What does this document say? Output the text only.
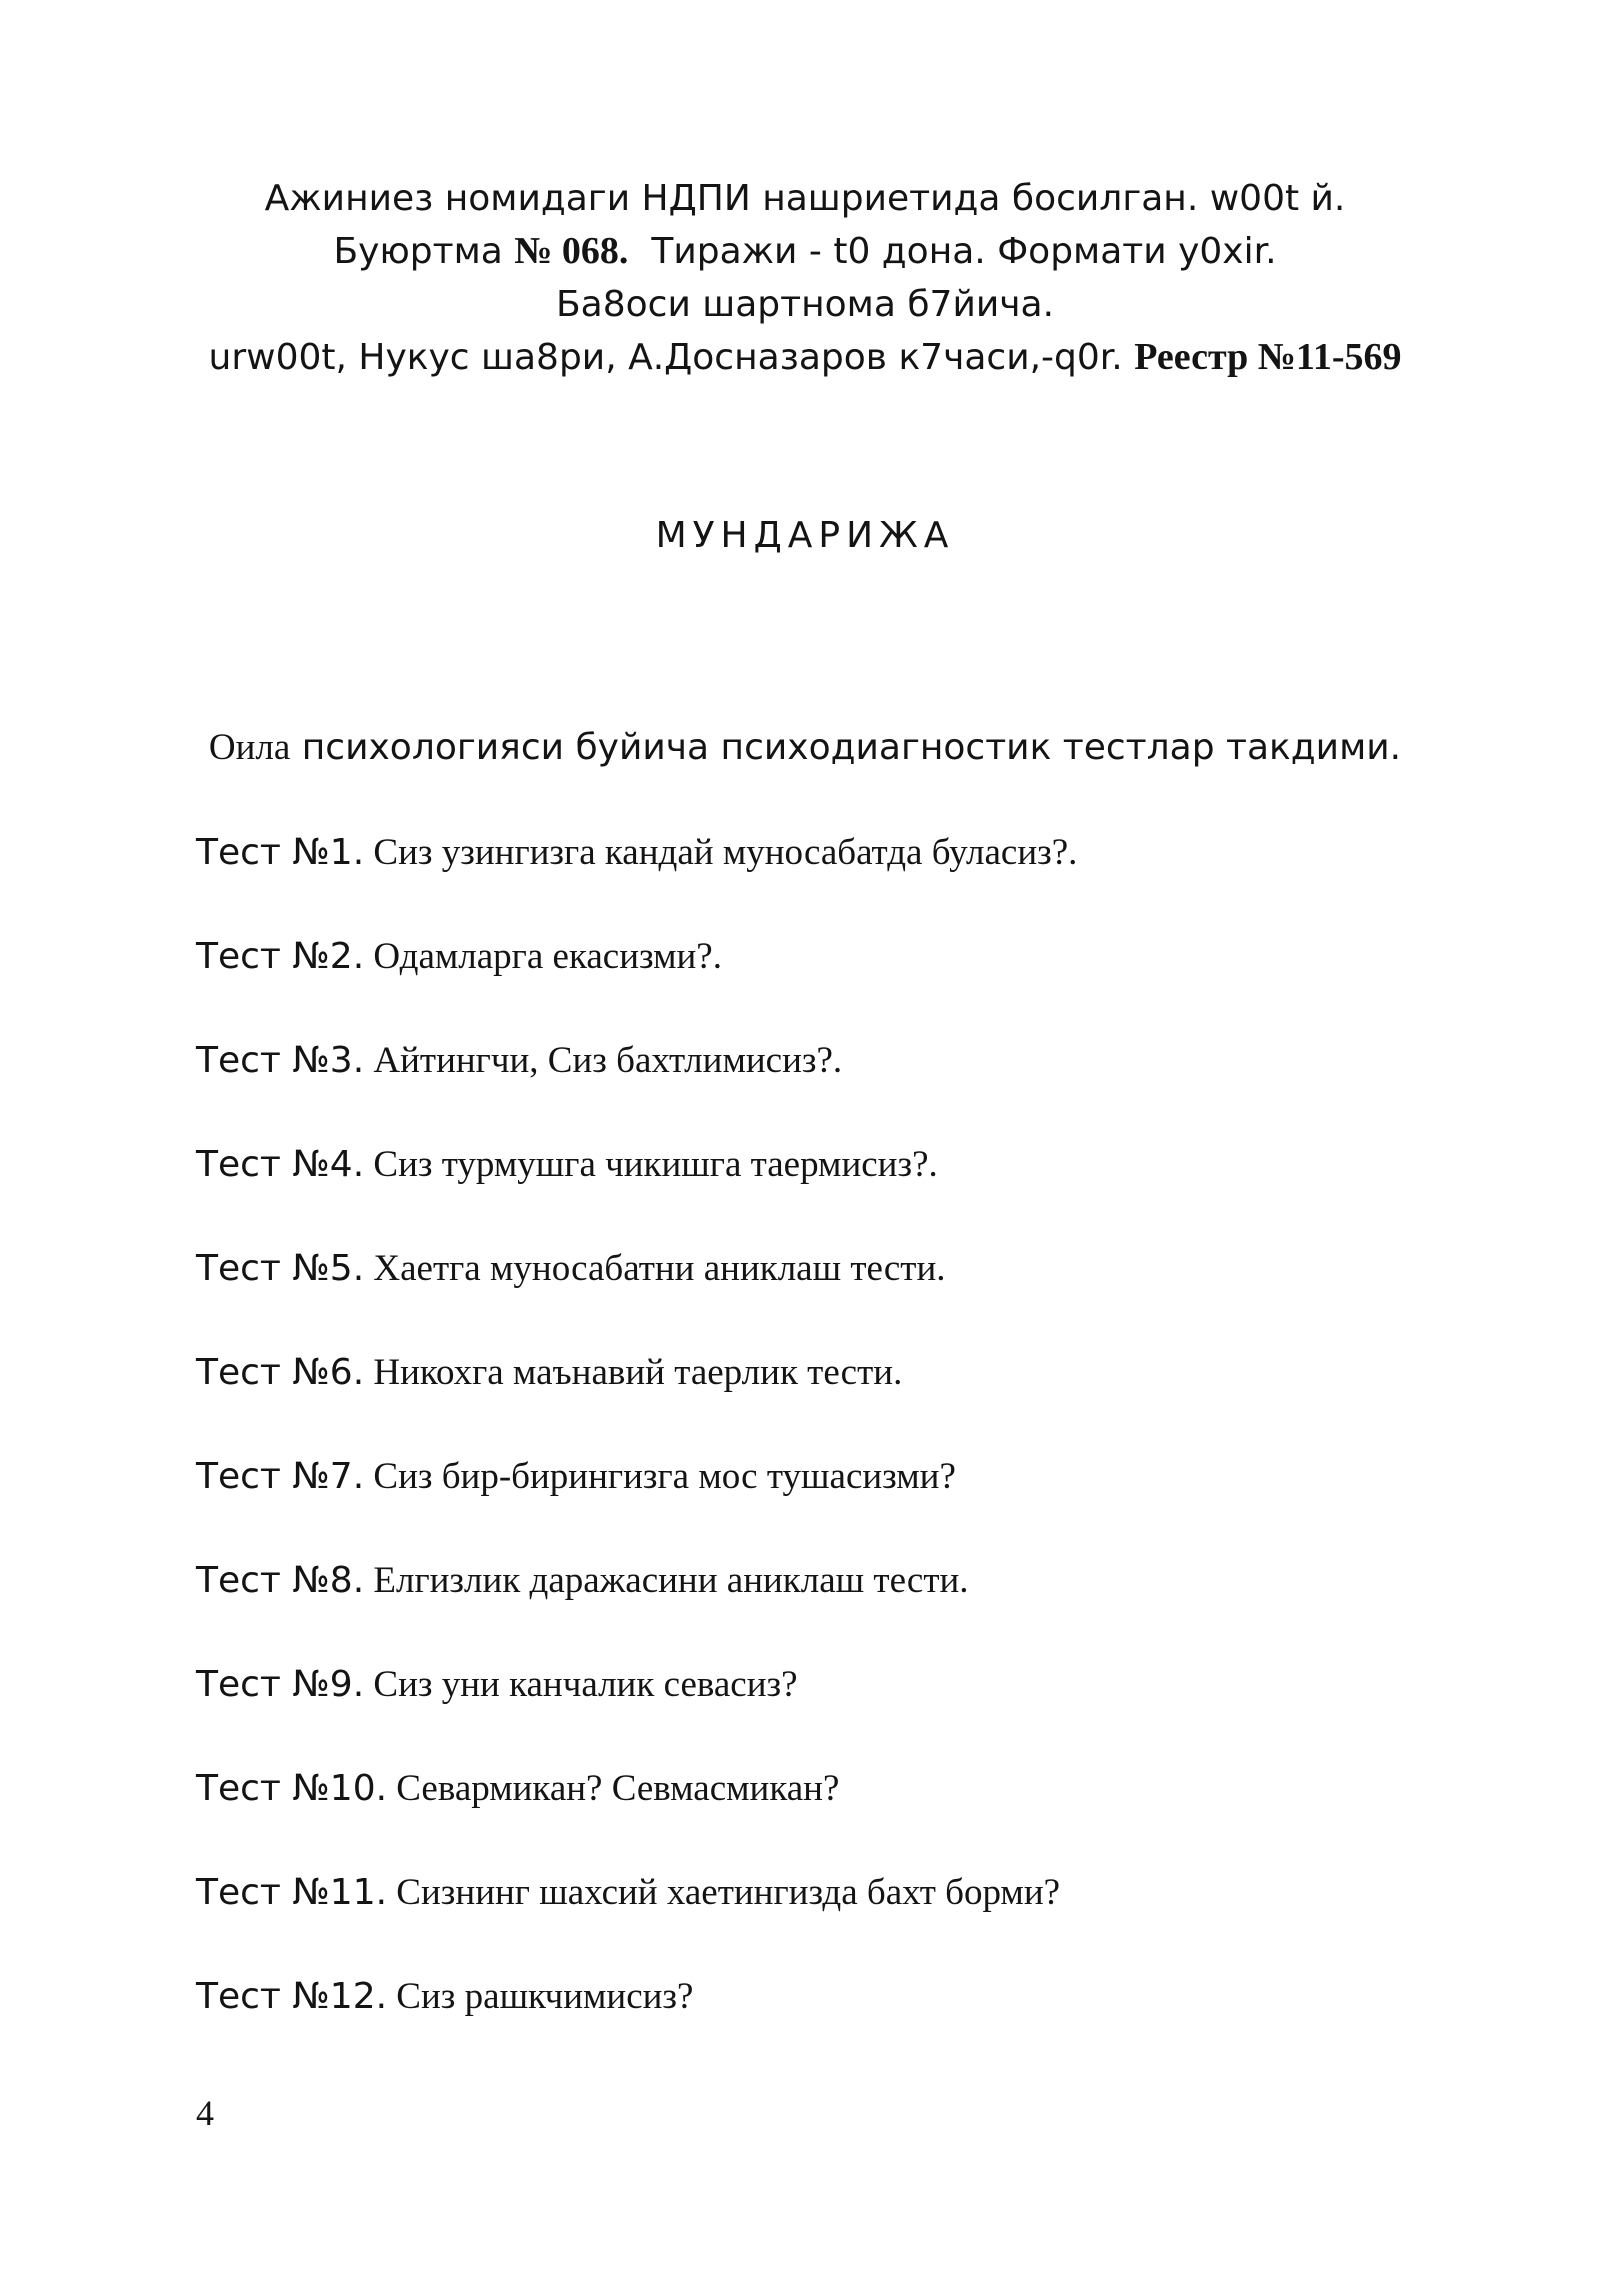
Ажиниез номидаги НДПИ нашриетида босилган. w00t й.
Буюртма № 068.  Тиражи - t0 дона. Формати y0xir.
Ба8оси шартнома б7йича.
urw00t, Нукус ша8ри, А.Досназаров к7часи,-q0r. Реестр №11-569
МУНДАРИЖА
Оила психологияси буйича психодиагностик тестлар такдими.
Тест №1. Сиз узингизга кандай муносабатда буласиз?.
Тест №2. Одамларга екасизми?.
Тест №3. Айтингчи, Сиз бахтлимисиз?.
Тест №4. Сиз турмушга чикишга таермисиз?.
Тест №5. Хаетга муносабатни аниклаш тести.
Тест №6. Никохга маънавий таерлик тести.
Тест №7. Сиз бир-бирингизга мос тушасизми?
Тест №8. Елгизлик даражасини аниклаш тести.
Тест №9. Сиз уни канчалик севасиз?
Тест №10. Севармикан? Севмасмикан?
Тест №11. Сизнинг шахсий хаетингизда бахт борми?
Тест №12. Сиз рашкчимисиз?
4
